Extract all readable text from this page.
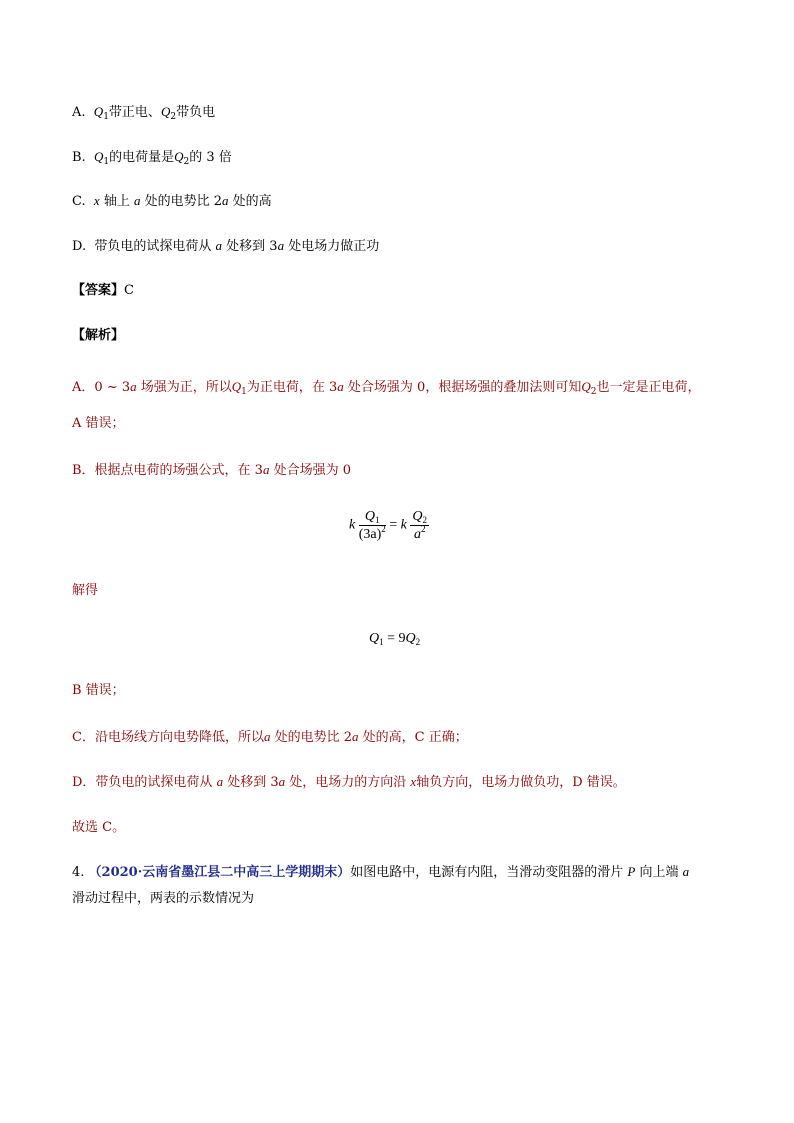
A. $Q_1$带正电、$Q_2$带负电
B. $Q_1$的电荷量是$Q_2$的 3 倍
C. x 轴上 a 处的电势比 2a 处的高
D. 带负电的试探电荷从 a 处移到 3a 处电场力做正功
【答案】C
【解析】
A．0 ~ 3a 场强为正，所以$Q_1$为正电荷，在 3a 处合场强为 0，根据场强的叠加法则可知$Q_2$也一定是正电荷，
A 错误；
B．根据点电荷的场强公式，在 3a 处合场强为 0
k $\frac{Q_1}{(3a)^2} = k \frac{Q_2}{a^2}$
解得
$Q_1 = 9Q_2$
B 错误；
C．沿电场线方向电势降低，所以a 处的电势比 2a 处的高，C 正确；
D．带负电的试探电荷从 a 处移到 3a 处，电场力的方向沿 x轴负方向，电场力做负功，D 错误。
故选 C。
4. （2020·云南省墨江县二中高三上学期期末）如图电路中，电源有内阻，当滑动变阻器的滑片 P 向上端 a
滑动过程中，两表的示数情况为
